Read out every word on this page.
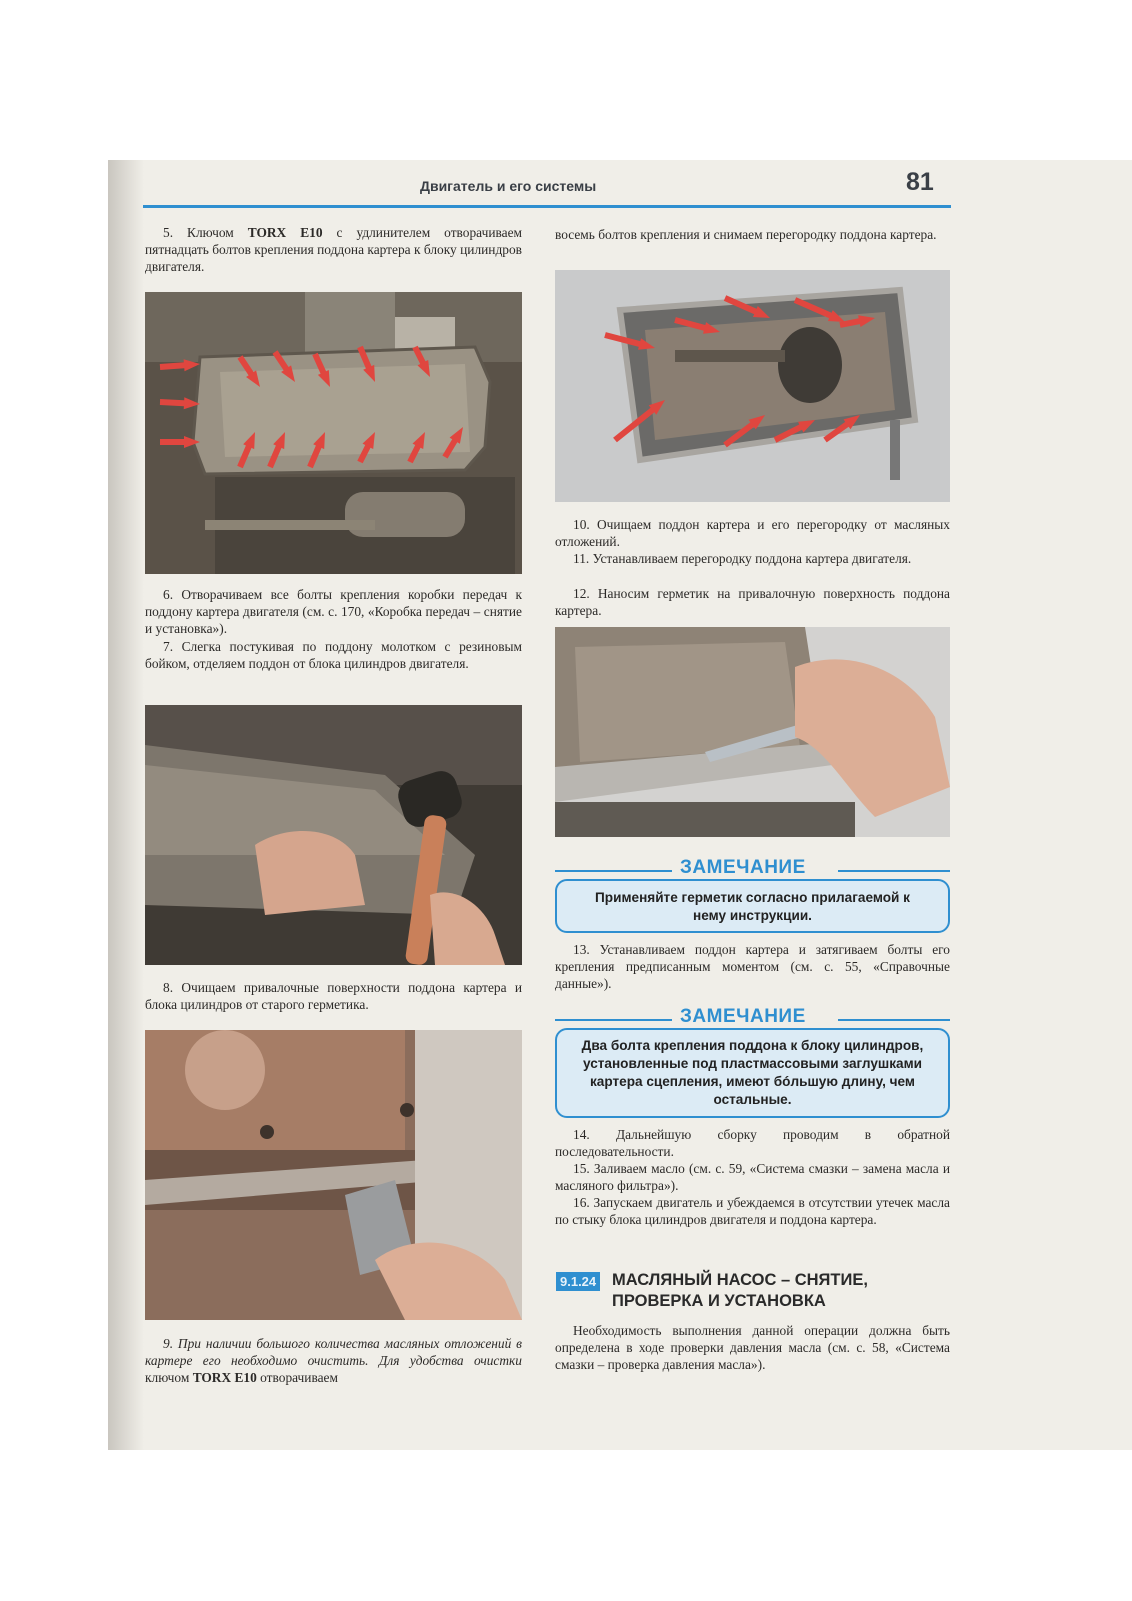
Двигатель и его системы	81

5. Ключом TORX E10 с удлинителем отворачиваем пятнадцать болтов крепления поддона картера к блоку цилиндров двигателя.

6. Отворачиваем все болты крепления коробки передач к поддону картера двигателя (см. с. 170, «Коробка передач – снятие и установка»).

7. Слегка постукивая по поддону молотком с резиновым бойком, отделяем поддон от блока цилиндров двигателя.

8. Очищаем привалочные поверхности поддона картера и блока цилиндров от старого герметика.

9. При наличии большого количества масляных отложений в картере его необходимо очистить. Для удобства очистки ключом TORX E10 отворачиваем

восемь болтов крепления и снимаем перегородку поддона картера.

10. Очищаем поддон картера и его перегородку от масляных отложений.

11. Устанавливаем перегородку поддона картера двигателя.

12. Наносим герметик на привалочную поверхность поддона картера.

ЗАМЕЧАНИЕ

Применяйте герметик согласно прилагаемой к нему инструкции.

13. Устанавливаем поддон картера и затягиваем болты его крепления предписанным моментом (см. с. 55, «Справочные данные»).

ЗАМЕЧАНИЕ

Два болта крепления поддона к блоку цилиндров, установленные под пластмассовыми заглушками картера сцепления, имеют бóльшую длину, чем остальные.

14. Дальнейшую сборку проводим в обратной последовательности.

15. Заливаем масло (см. с. 59, «Система смазки – замена масла и масляного фильтра»).

16. Запускаем двигатель и убеждаемся в отсутствии утечек масла по стыку блока цилиндров двигателя и поддона картера.

9.1.24 МАСЛЯНЫЙ НАСОС – СНЯТИЕ, ПРОВЕРКА И УСТАНОВКА

Необходимость выполнения данной операции должна быть определена в ходе проверки давления масла (см. с. 58, «Система смазки – проверка давления масла»).
